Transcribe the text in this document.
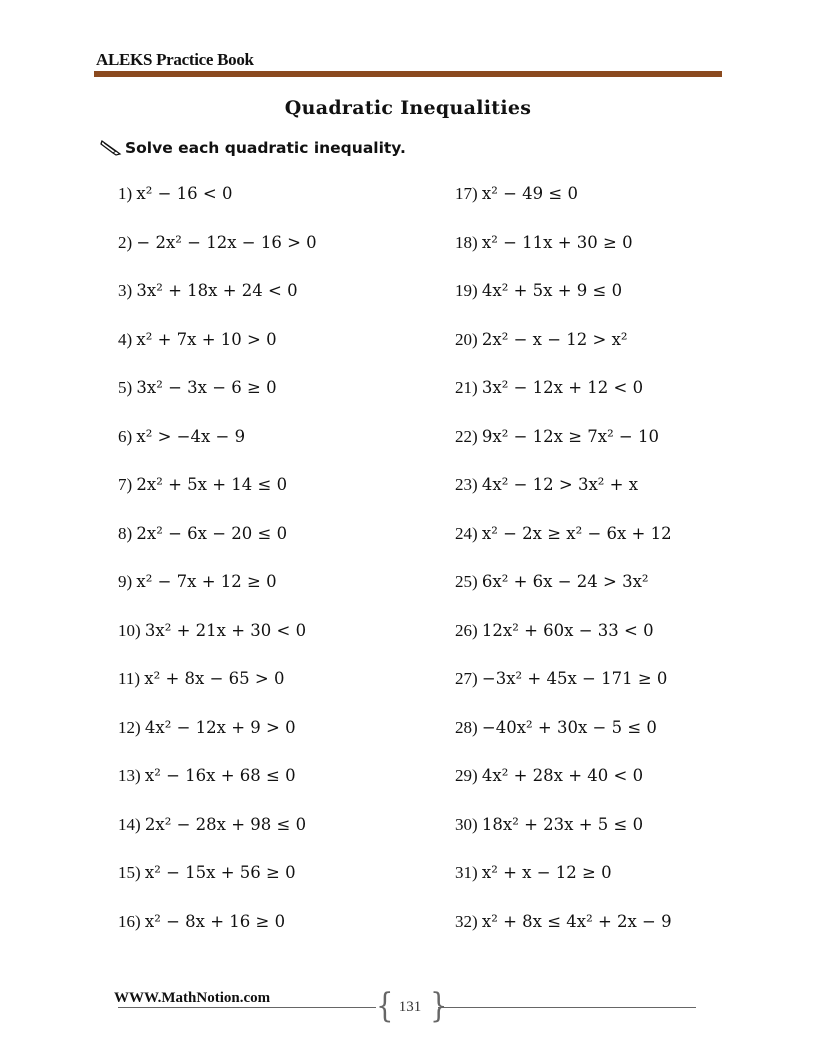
ALEKS Practice Book
Quadratic Inequalities
Solve each quadratic inequality.
1) x² − 16 < 0
2) − 2x² − 12x − 16 > 0
3) 3x² + 18x + 24 < 0
4) x² + 7x + 10 > 0
5) 3x² − 3x − 6 ≥ 0
6) x² > −4x − 9
7) 2x² + 5x + 14 ≤ 0
8) 2x² − 6x − 20 ≤ 0
9) x² − 7x + 12 ≥ 0
10) 3x² + 21x + 30 < 0
11) x² + 8x − 65 > 0
12) 4x² − 12x + 9 > 0
13) x² − 16x + 68 ≤ 0
14) 2x² − 28x + 98 ≤ 0
15) x² − 15x + 56 ≥ 0
16) x² − 8x + 16 ≥ 0
17) x² − 49 ≤ 0
18) x² − 11x + 30 ≥ 0
19) 4x² + 5x + 9 ≤ 0
20) 2x² − x − 12 > x²
21) 3x² − 12x + 12 < 0
22) 9x² − 12x ≥ 7x² − 10
23) 4x² − 12 > 3x² + x
24) x² − 2x ≥ x² − 6x + 12
25) 6x² + 6x − 24 > 3x²
26) 12x² + 60x − 33 < 0
27) −3x² + 45x − 171 ≥ 0
28) −40x² + 30x − 5 ≤ 0
29) 4x² + 28x + 40 < 0
30) 18x² + 23x + 5 ≤ 0
31) x² + x − 12 ≥ 0
32) x² + 8x ≤ 4x² + 2x − 9
WWW.MathNotion.com	{ }
131
